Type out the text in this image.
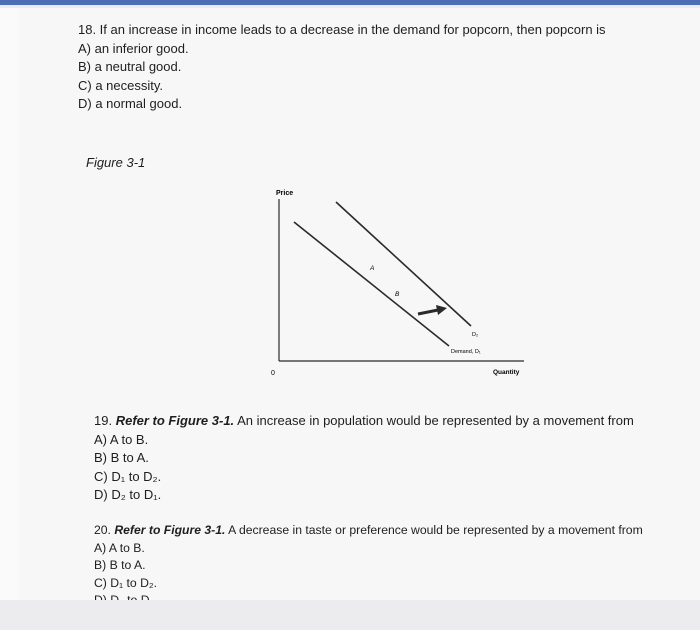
18. If an increase in income leads to a decrease in the demand for popcorn, then popcorn is
A) an inferior good.
B) a neutral good.
C) a necessity.
D) a normal good.
Figure 3-1
Price
0	Quantity
A
B
D₂
Demand, D₁
19. Refer to Figure 3-1. An increase in population would be represented by a movement from
A) A to B.
B) B to A.
C) D₁ to D₂.
D) D₂ to D₁.
20. Refer to Figure 3-1. A decrease in taste or preference would be represented by a movement from
A) A to B.
B) B to A.
C) D₁ to D₂.
